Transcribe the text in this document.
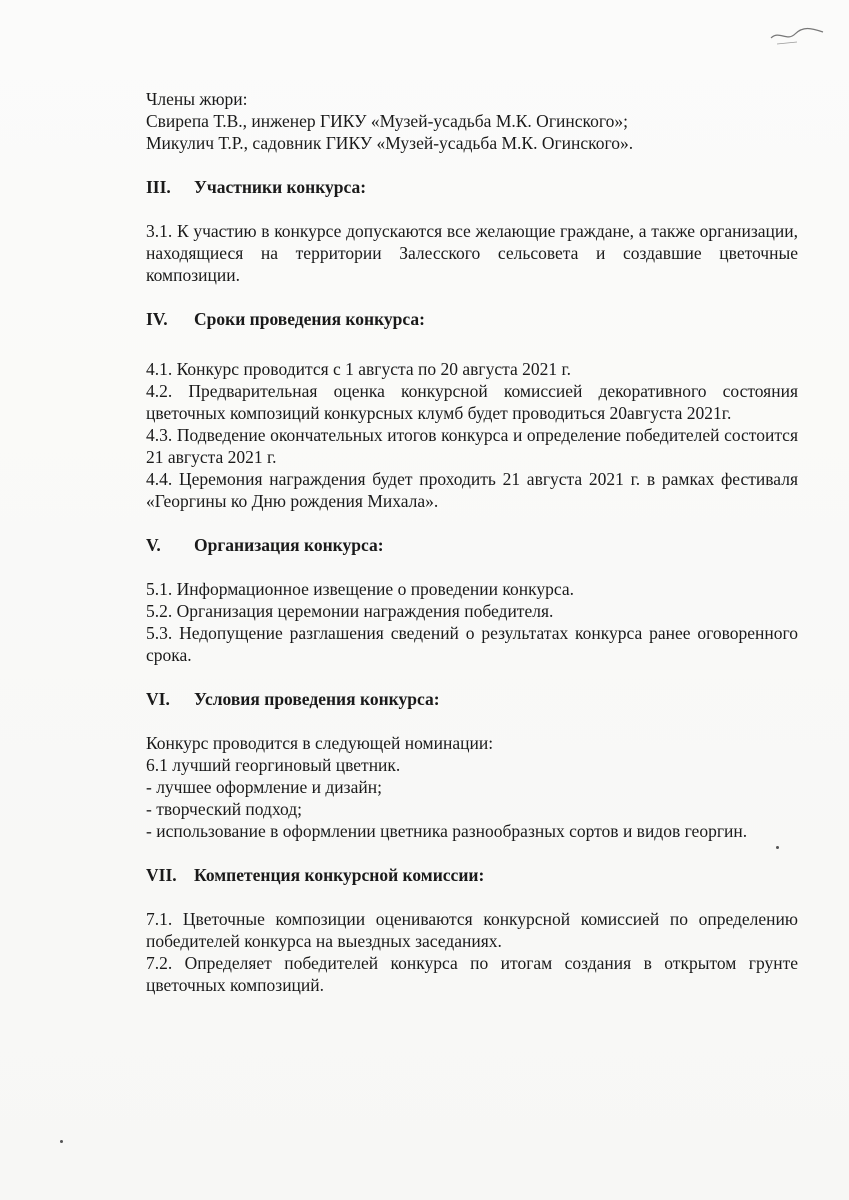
Члены жюри:
Свирепа Т.В., инженер ГИКУ «Музей-усадьба М.К. Огинского»;
Микулич Т.Р., садовник ГИКУ «Музей-усадьба М.К. Огинского».
III. Участники конкурса:

3.1. К участию в конкурсе допускаются все желающие граждане, а также организации, находящиеся на территории Залесского сельсовета и создавшие цветочные композиции.

IV. Сроки проведения конкурса:

4.1. Конкурс проводится с 1 августа по 20 августа 2021 г.

4.2. Предварительная оценка конкурсной комиссией декоративного состояния цветочных композиций конкурсных клумб будет проводиться 20августа 2021г.

4.3. Подведение окончательных итогов конкурса и определение победителей состоится 21 августа 2021 г.

4.4. Церемония награждения будет проходить 21 августа 2021 г. в рамках фестиваля «Георгины ко Дню рождения Михала».

V. Организация конкурса:

5.1. Информационное извещение о проведении конкурса.

5.2. Организация церемонии награждения победителя.

5.3. Недопущение разглашения сведений о результатах конкурса ранее оговоренного срока.

VI. Условия проведения конкурса:

Конкурс проводится в следующей номинации:

6.1 лучший георгиновый цветник.

- лучшее оформление и дизайн;

- творческий подход;

- использование в оформлении цветника разнообразных сортов и видов георгин.

VII. Компетенция конкурсной комиссии:

7.1. Цветочные композиции оцениваются конкурсной комиссией по определению победителей конкурса на выездных заседаниях.

7.2. Определяет победителей конкурса по итогам создания в открытом грунте цветочных композиций.
